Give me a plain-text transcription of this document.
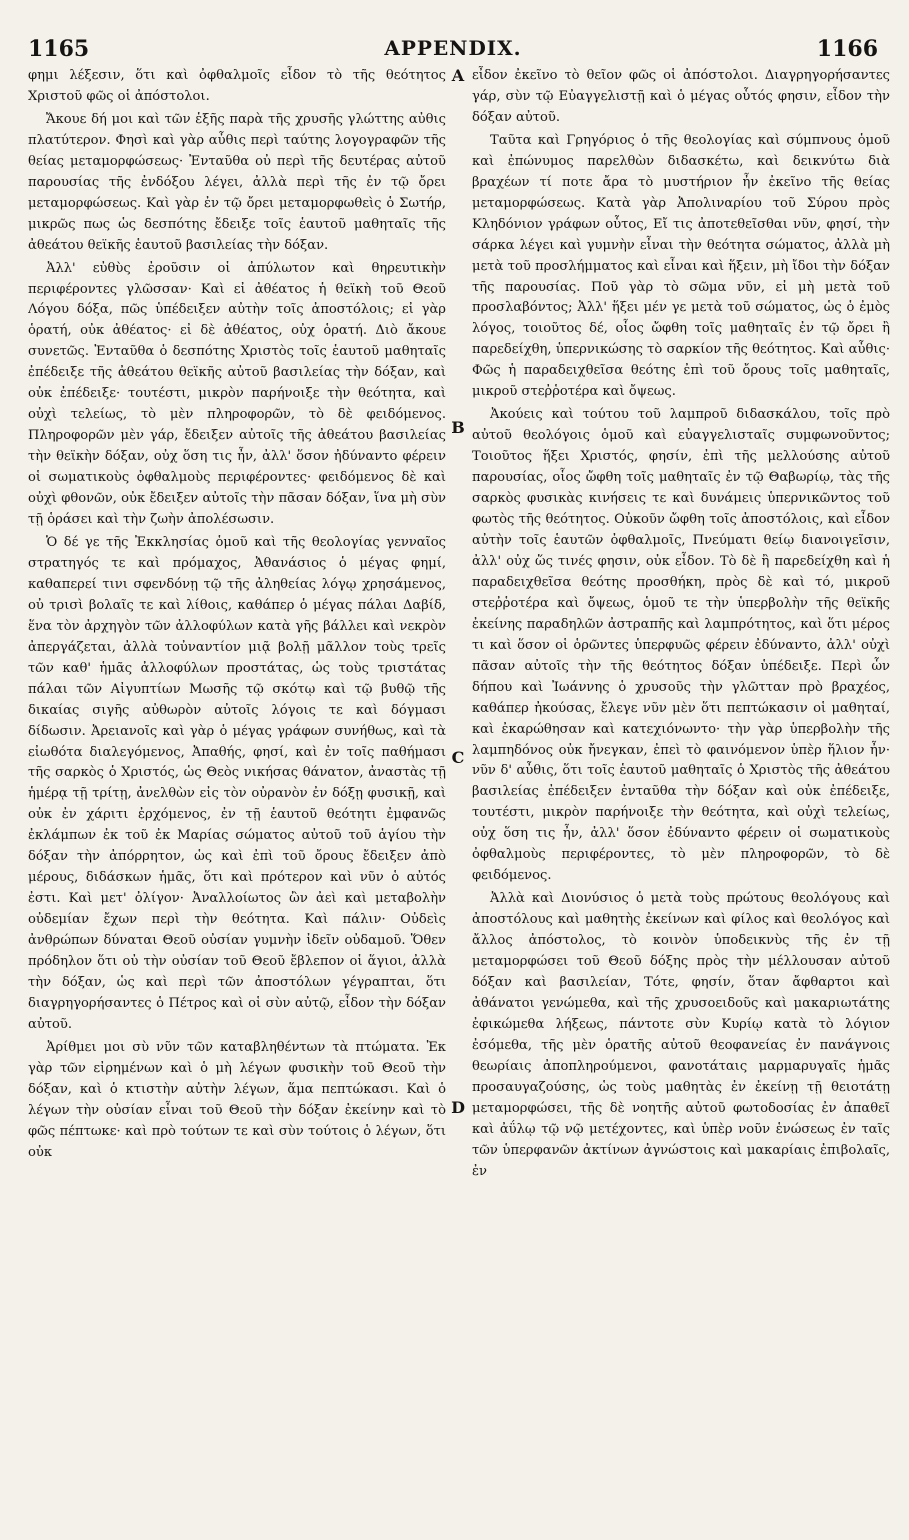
1165	APPENDIX.	1166

φημι λέξεσιν, ὅτι καὶ ὀφθαλμοῖς εἶδον τὸ τῆς θεότητος Χριστοῦ φῶς οἱ ἀπόστολοι.

Ἄκουε δή μοι καὶ τῶν ἑξῆς παρὰ τῆς χρυσῆς γλώττης αὐθις πλατύτερον. Φησὶ καὶ γὰρ αὖθις περὶ ταύτης λογογραφῶν τῆς θείας μεταμορφώσεως· Ἐνταῦθα οὐ περὶ τῆς δευτέρας αὐτοῦ παρουσίας τῆς ἐνδόξου λέγει, ἀλλὰ περὶ τῆς ἐν τῷ ὄρει μεταμορφώσεως. Καὶ γὰρ ἐν τῷ ὄρει μεταμορφωθεὶς ὁ Σωτήρ, μικρῶς πως ὡς δεσπότης ἔδειξε τοῖς ἑαυτοῦ μαθηταῖς τῆς ἀθεάτου θεϊκῆς ἑαυτοῦ βασιλείας τὴν δόξαν.

Ἀλλ' εὐθὺς ἐροῦσιν οἱ ἀπύλωτον καὶ θηρευτικὴν περιφέροντες γλῶσσαν· Καὶ εἰ ἀθέατος ἡ θεϊκὴ τοῦ Θεοῦ Λόγου δόξα, πῶς ὑπέδειξεν αὐτὴν τοῖς ἀποστόλοις; εἰ γὰρ ὁρατή, οὐκ ἀθέατος· εἰ δὲ ἀθέατος, οὐχ ὁρατή. Διὸ ἄκουε συνετῶς. Ἐνταῦθα ὁ δεσπότης Χριστὸς τοῖς ἑαυτοῦ μαθηταῖς ἐπέδειξε τῆς ἀθεάτου θεϊκῆς αὐτοῦ βασιλείας τὴν δόξαν, καὶ οὐκ ἐπέδειξε· τουτέστι, μικρὸν παρήνοιξε τὴν θεότητα, καὶ οὐχὶ τελείως, τὸ μὲν πληροφορῶν, τὸ δὲ φειδόμενος. Πληροφορῶν μὲν γάρ, ἔδειξεν αὐτοῖς τῆς ἀθεάτου βασιλείας τὴν θεϊκὴν δόξαν, οὐχ ὅση τις ἦν, ἀλλ' ὅσον ἠδύναντο φέρειν οἱ σωματικοὺς ὀφθαλμοὺς περιφέροντες· φειδόμενος δὲ καὶ οὐχὶ φθονῶν, οὐκ ἔδειξεν αὐτοῖς τὴν πᾶσαν δόξαν, ἵνα μὴ σὺν τῇ ὁράσει καὶ τὴν ζωὴν ἀπολέσωσιν.

Ὁ δέ γε τῆς Ἐκκλησίας ὁμοῦ καὶ τῆς θεολογίας γενναῖος στρατηγός τε καὶ πρόμαχος, Ἀθανάσιος ὁ μέγας φημί, καθαπερεί τινι σφενδόνῃ τῷ τῆς ἀληθείας λόγῳ χρησάμενος, οὐ τρισὶ βολαῖς τε καὶ λίθοις, καθάπερ ὁ μέγας πάλαι Δαβίδ, ἕνα τὸν ἀρχηγὸν τῶν ἀλλοφύλων κατὰ γῆς βάλλει καὶ νεκρὸν ἀπεργάζεται, ἀλλὰ τοὐναντίον μιᾷ βολῇ μᾶλλον τοὺς τρεῖς τῶν καθ' ἡμᾶς ἀλλοφύλων προστάτας, ὡς τοὺς τριστάτας πάλαι τῶν Αἰγυπτίων Μωσῆς τῷ σκότῳ καὶ τῷ βυθῷ τῆς δικαίας σιγῆς αὐθωρὸν αὐτοῖς λόγοις τε καὶ δόγμασι δίδωσιν. Ἀρειανοῖς καὶ γὰρ ὁ μέγας γράφων συνήθως, καὶ τὰ εἰωθότα διαλεγόμενος, Ἀπαθής, φησί, καὶ ἐν τοῖς παθήμασι τῆς σαρκὸς ὁ Χριστός, ὡς Θεὸς νικήσας θάνατον, ἀναστὰς τῇ ἡμέρᾳ τῇ τρίτῃ, ἀνελθὼν εἰς τὸν οὐρανὸν ἐν δόξῃ φυσικῇ, καὶ οὐκ ἐν χάριτι ἐρχόμενος, ἐν τῇ ἑαυτοῦ θεότητι ἐμφανῶς ἐκλάμπων ἐκ τοῦ ἐκ Μαρίας σώματος αὐτοῦ τοῦ ἁγίου τὴν δόξαν τὴν ἀπόρρητον, ὡς καὶ ἐπὶ τοῦ ὄρους ἔδειξεν ἀπὸ μέρους, διδάσκων ἡμᾶς, ὅτι καὶ πρότερον καὶ νῦν ὁ αὐτός ἐστι. Καὶ μετ' ὀλίγον· Ἀναλλοίωτος ὢν ἀεὶ καὶ μεταβολὴν οὐδεμίαν ἔχων περὶ τὴν θεότητα. Καὶ πάλιν· Οὐδεὶς ἀνθρώπων δύναται Θεοῦ οὐσίαν γυμνὴν ἰδεῖν οὐδαμοῦ. Ὅθεν πρόδηλον ὅτι οὐ τὴν οὐσίαν τοῦ Θεοῦ ἔβλεπον οἱ ἅγιοι, ἀλλὰ τὴν δόξαν, ὡς καὶ περὶ τῶν ἀποστόλων γέγραπται, ὅτι διαγρηγορήσαντες ὁ Πέτρος καὶ οἱ σὺν αὐτῷ, εἶδον τὴν δόξαν αὐτοῦ.

Ἀρίθμει μοι σὺ νῦν τῶν καταβληθέντων τὰ πτώματα. Ἐκ γὰρ τῶν εἰρημένων καὶ ὁ μὴ λέγων φυσικὴν τοῦ Θεοῦ τὴν δόξαν, καὶ ὁ κτιστὴν αὐτὴν λέγων, ἅμα πεπτώκασι. Καὶ ὁ λέγων τὴν οὐσίαν εἶναι τοῦ Θεοῦ τὴν δόξαν ἐκείνην καὶ τὸ φῶς πέπτωκε· καὶ πρὸ τούτων τε καὶ σὺν τούτοις ὁ λέγων, ὅτι οὐκ

A
B
C
D

εἶδον ἐκεῖνο τὸ θεῖον φῶς οἱ ἀπόστολοι. Διαγρηγορήσαντες γάρ, σὺν τῷ Εὐαγγελιστῇ καὶ ὁ μέγας οὗτός φησιν, εἶδον τὴν δόξαν αὐτοῦ.

Ταῦτα καὶ Γρηγόριος ὁ τῆς θεολογίας καὶ σύμπνους ὁμοῦ καὶ ἐπώνυμος παρελθὼν διδασκέτω, καὶ δεικνύτω διὰ βραχέων τί ποτε ἄρα τὸ μυστήριον ἦν ἐκεῖνο τῆς θείας μεταμορφώσεως. Κατὰ γὰρ Ἀπολιναρίου τοῦ Σύρου πρὸς Κληδόνιον γράφων οὗτος, Εἴ τις ἀποτεθεῖσθαι νῦν, φησί, τὴν σάρκα λέγει καὶ γυμνὴν εἶναι τὴν θεότητα σώματος, ἀλλὰ μὴ μετὰ τοῦ προσλήμματος καὶ εἶναι καὶ ἥξειν, μὴ ἴδοι τὴν δόξαν τῆς παρουσίας. Ποῦ γὰρ τὸ σῶμα νῦν, εἰ μὴ μετὰ τοῦ προσλαβόντος; Ἀλλ' ἥξει μέν γε μετὰ τοῦ σώματος, ὡς ὁ ἐμὸς λόγος, τοιοῦτος δέ, οἷος ὤφθη τοῖς μαθηταῖς ἐν τῷ ὄρει ἢ παρεδείχθη, ὑπερνικώσης τὸ σαρκίον τῆς θεότητος. Καὶ αὖθις· Φῶς ἡ παραδειχθεῖσα θεότης ἐπὶ τοῦ ὄρους τοῖς μαθηταῖς, μικροῦ στεῤῥοτέρα καὶ ὄψεως.

Ἀκούεις καὶ τούτου τοῦ λαμπροῦ διδασκάλου, τοῖς πρὸ αὐτοῦ θεολόγοις ὁμοῦ καὶ εὐαγγελισταῖς συμφωνοῦντος; Τοιοῦτος ἥξει Χριστός, φησίν, ἐπὶ τῆς μελλούσης αὐτοῦ παρουσίας, οἷος ὤφθη τοῖς μαθηταῖς ἐν τῷ Θαβωρίῳ, τὰς τῆς σαρκὸς φυσικὰς κινήσεις τε καὶ δυνάμεις ὑπερνικῶντος τοῦ φωτὸς τῆς θεότητος. Οὐκοῦν ὤφθη τοῖς ἀποστόλοις, καὶ εἶδον αὐτὴν τοῖς ἑαυτῶν ὀφθαλμοῖς, Πνεύματι θείῳ διανοιγεῖσιν, ἀλλ' οὐχ ὥς τινές φησιν, οὐκ εἶδον. Τὸ δὲ ἢ παρεδείχθη καὶ ἡ παραδειχθεῖσα θεότης προσθήκη, πρὸς δὲ καὶ τό, μικροῦ στεῤῥοτέρα καὶ ὄψεως, ὁμοῦ τε τὴν ὑπερβολὴν τῆς θεϊκῆς ἐκείνης παραδηλῶν ἀστραπῆς καὶ λαμπρότητος, καὶ ὅτι μέρος τι καὶ ὅσον οἱ ὁρῶντες ὑπερφυῶς φέρειν ἐδύναντο, ἀλλ' οὐχὶ πᾶσαν αὐτοῖς τὴν τῆς θεότητος δόξαν ὑπέδειξε. Περὶ ὧν δήπου καὶ Ἰωάννης ὁ χρυσοῦς τὴν γλῶτταν πρὸ βραχέος, καθάπερ ἠκούσας, ἔλεγε νῦν μὲν ὅτι πεπτώκασιν οἱ μαθηταί, καὶ ἐκαρώθησαν καὶ κατεχιόνωντο· τὴν γὰρ ὑπερβολὴν τῆς λαμπηδόνος οὐκ ἤνεγκαν, ἐπεὶ τὸ φαινόμενον ὑπὲρ ἥλιον ἦν· νῦν δ' αὖθις, ὅτι τοῖς ἑαυτοῦ μαθηταῖς ὁ Χριστὸς τῆς ἀθεάτου βασιλείας ἐπέδειξεν ἐνταῦθα τὴν δόξαν καὶ οὐκ ἐπέδειξε, τουτέστι, μικρὸν παρήνοιξε τὴν θεότητα, καὶ οὐχὶ τελείως, οὐχ ὅση τις ἦν, ἀλλ' ὅσον ἐδύναντο φέρειν οἱ σωματικοὺς ὀφθαλμοὺς περιφέροντες, τὸ μὲν πληροφορῶν, τὸ δὲ φειδόμενος.

Ἀλλὰ καὶ Διονύσιος ὁ μετὰ τοὺς πρώτους θεολόγους καὶ ἀποστόλους καὶ μαθητὴς ἐκείνων καὶ φίλος καὶ θεολόγος καὶ ἄλλος ἀπόστολος, τὸ κοινὸν ὑποδεικνὺς τῆς ἐν τῇ μεταμορφώσει τοῦ Θεοῦ δόξης πρὸς τὴν μέλλουσαν αὐτοῦ δόξαν καὶ βασιλείαν, Τότε, φησίν, ὅταν ἄφθαρτοι καὶ ἀθάνατοι γενώμεθα, καὶ τῆς χρυσοειδοῦς καὶ μακαριωτάτης ἐφικώμεθα λήξεως, πάντοτε σὺν Κυρίῳ κατὰ τὸ λόγιον ἐσόμεθα, τῆς μὲν ὁρατῆς αὐτοῦ θεοφανείας ἐν πανάγνοις θεωρίαις ἀποπληρούμενοι, φανοτάταις μαρμαρυγαῖς ἡμᾶς προσαυγαζούσης, ὡς τοὺς μαθητὰς ἐν ἐκείνῃ τῇ θειοτάτῃ μεταμορφώσει, τῆς δὲ νοητῆς αὐτοῦ φωτοδοσίας ἐν ἀπαθεῖ καὶ ἀΰλῳ τῷ νῷ μετέχοντες, καὶ ὑπὲρ νοῦν ἑνώσεως ἐν ταῖς τῶν ὑπερφανῶν ἀκτίνων ἀγνώστοις καὶ μακαρίαις ἐπιβολαῖς, ἐν
